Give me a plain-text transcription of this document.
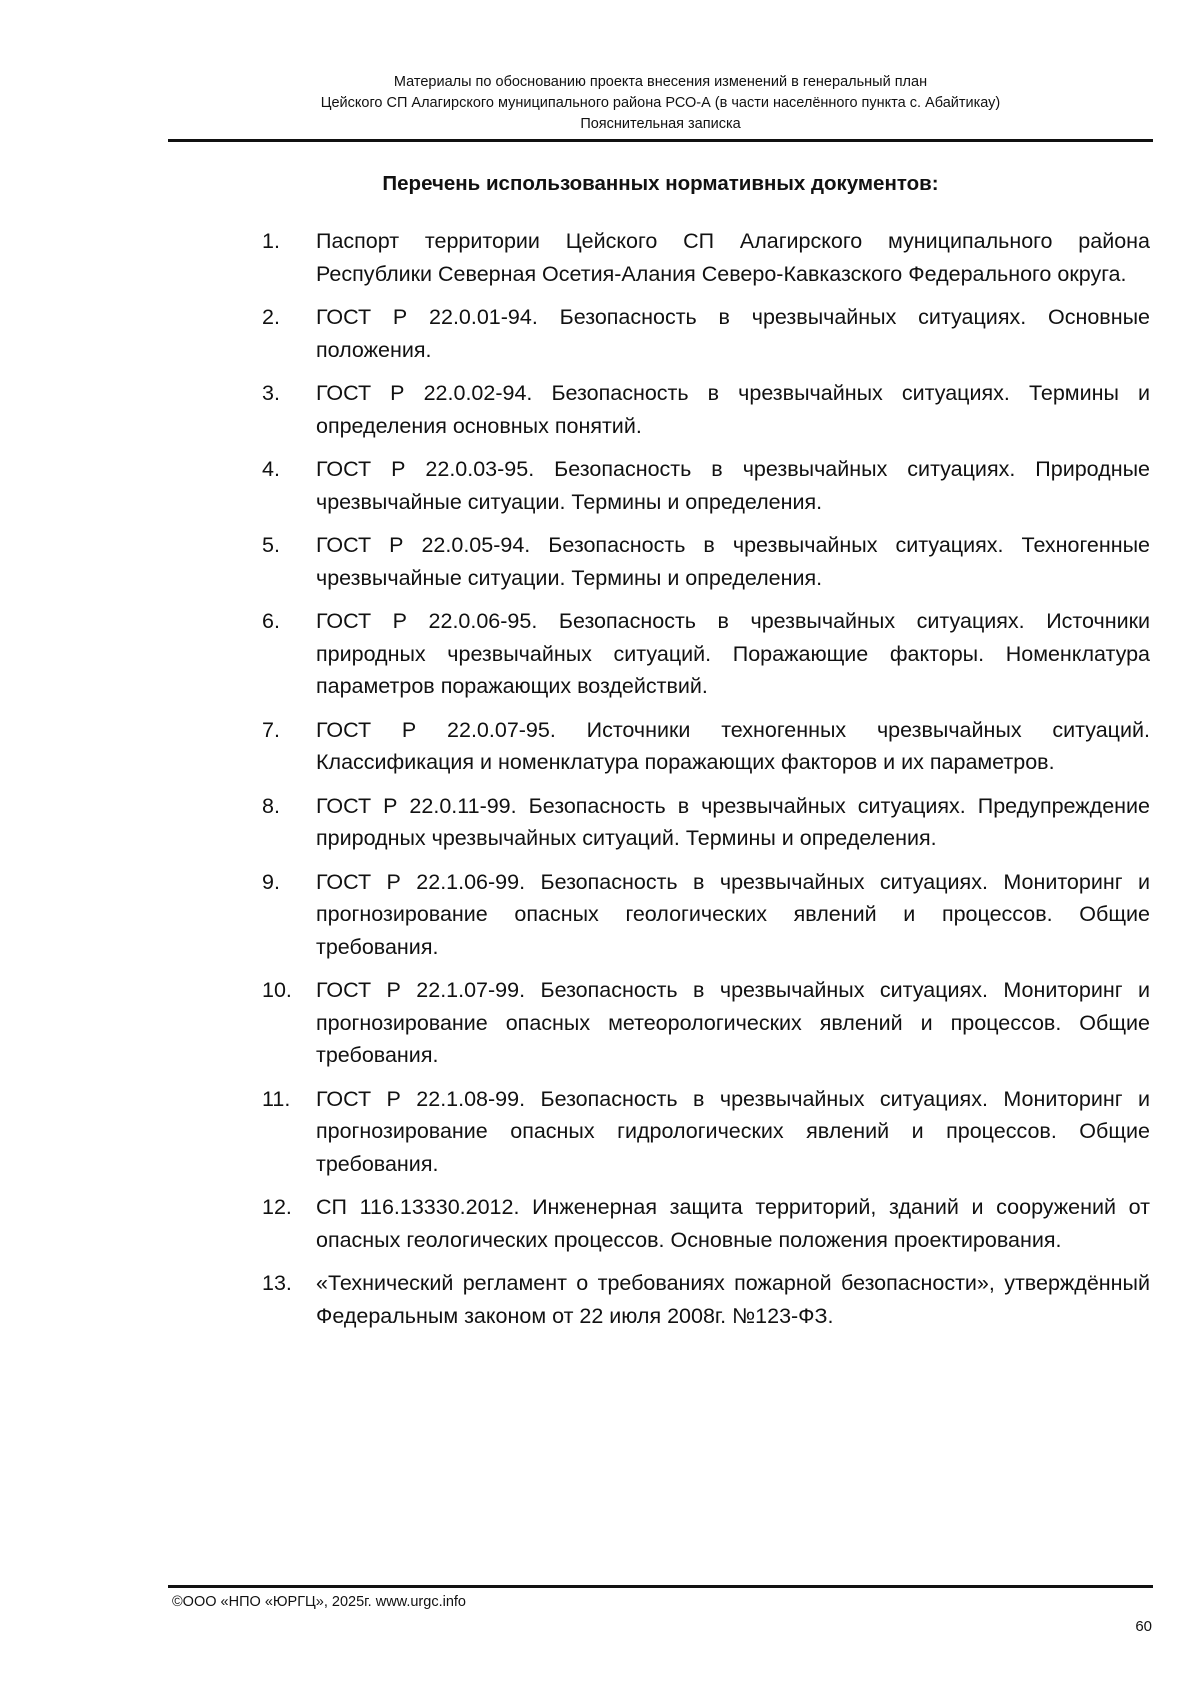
Материалы по обоснованию проекта внесения изменений в генеральный план
Цейского СП Алагирского муниципального района РСО-А (в части населённого пункта с. Абайтикау)
Пояснительная записка
Перечень использованных нормативных документов:
1.	Паспорт территории Цейского СП Алагирского муниципального района Республики Северная Осетия-Алания Северо-Кавказского Федерального округа.
2.	ГОСТ Р 22.0.01-94. Безопасность в чрезвычайных ситуациях. Основные положения.
3.	ГОСТ Р 22.0.02-94. Безопасность в чрезвычайных ситуациях. Термины и определения основных понятий.
4.	ГОСТ Р 22.0.03-95. Безопасность в чрезвычайных ситуациях. Природные чрезвычайные ситуации. Термины и определения.
5.	ГОСТ Р 22.0.05-94. Безопасность в чрезвычайных ситуациях. Техногенные чрезвычайные ситуации. Термины и определения.
6.	ГОСТ Р 22.0.06-95. Безопасность в чрезвычайных ситуациях. Источники природных чрезвычайных ситуаций. Поражающие факторы. Номенклатура параметров поражающих воздействий.
7.	ГОСТ Р 22.0.07-95. Источники техногенных чрезвычайных ситуаций. Классификация и номенклатура поражающих факторов и их параметров.
8.	ГОСТ Р 22.0.11-99. Безопасность в чрезвычайных ситуациях. Предупреждение природных чрезвычайных ситуаций. Термины и определения.
9.	ГОСТ Р 22.1.06-99. Безопасность в чрезвычайных ситуациях. Мониторинг и прогнозирование опасных геологических явлений и процессов. Общие требования.
10.	ГОСТ Р 22.1.07-99. Безопасность в чрезвычайных ситуациях. Мониторинг и прогнозирование опасных метеорологических явлений и процессов. Общие требования.
11.	ГОСТ Р 22.1.08-99. Безопасность в чрезвычайных ситуациях. Мониторинг и прогнозирование опасных гидрологических явлений и процессов. Общие требования.
12.	СП 116.13330.2012. Инженерная защита территорий, зданий и сооружений от опасных геологических процессов. Основные положения проектирования.
13.	«Технический регламент о требованиях пожарной безопасности», утверждённый Федеральным законом от 22 июля 2008г. №123-ФЗ.
©ООО «НПО «ЮРГЦ», 2025г. www.urgc.info
60
